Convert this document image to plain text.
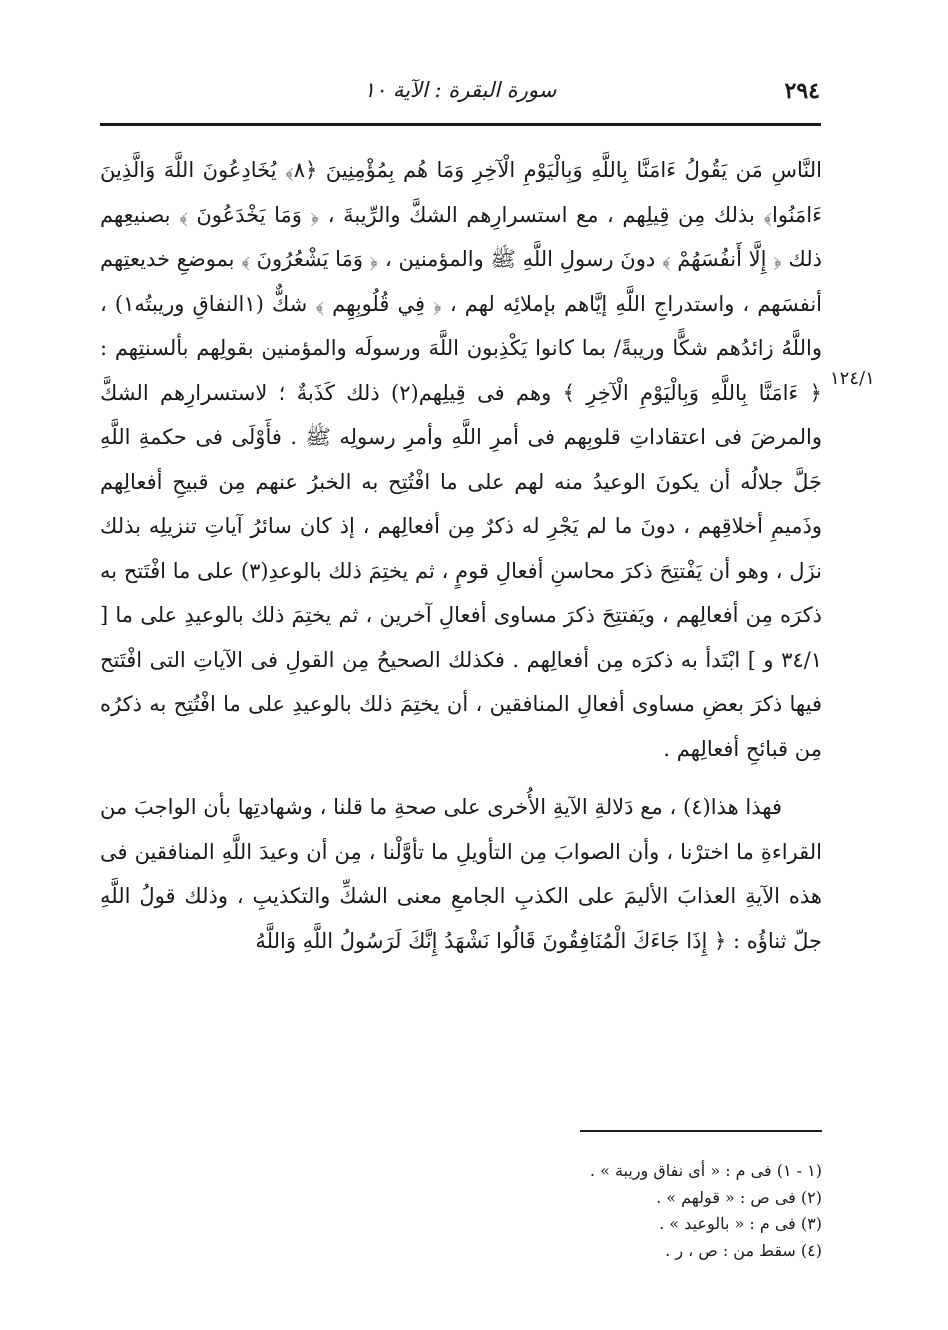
٢٩٤
سورة البقرة : الآية ١٠
١٢٤/١

النَّاسِ مَن يَقُولُ ءَامَنَّا بِاللَّهِ وَبِالْيَوْمِ الْآخِرِ وَمَا هُم بِمُؤْمِنِينَ ﴿٨﴾ يُخَادِعُونَ اللَّهَ وَالَّذِينَ ءَامَنُوا﴾ بذلك مِن قِيلِهم ، مع استسرارِهم الشكَّ والرِّيبةَ ، ﴿ وَمَا يَخْدَعُونَ ﴾ بصنيعِهم ذلك ﴿ إِلَّا أَنفُسَهُمْ ﴾ دونَ رسولِ اللَّهِ ﷺ والمؤمنين ، ﴿ وَمَا يَشْعُرُونَ ﴾ بموضعِ خديعتِهم أنفسَهم ، واستدراجِ اللَّهِ إيَّاهم بإملائِه لهم ، ﴿ فِي قُلُوبِهِم ﴾ شكٌّ (١النفاقِ وريبتُه١) ، واللَّهُ زائدُهم شكًّا وريبةً/ بما كانوا يَكْذِبون اللَّهَ ورسولَه والمؤمنين بقولِهم بألسنتِهم : ﴿ ءَامَنَّا بِاللَّهِ وَبِالْيَوْمِ الْآخِرِ ﴾ وهم فى قِيلِهم(٢) ذلك كَذَبةٌ ؛ لاستسرارِهم الشكَّ والمرضَ فى اعتقاداتِ قلوبِهم فى أمرِ اللَّهِ وأمرِ رسولِه ﷺ . فأَوْلَى فى حكمةِ اللَّهِ جَلَّ جلالُه أن يكونَ الوعيدُ منه لهم على ما افْتُتِح به الخبرُ عنهم مِن قبيحِ أفعالِهم وذَميمِ أخلاقِهم ، دونَ ما لم يَجْرِ له ذكرٌ مِن أفعالِهم ، إذ كان سائرُ آياتِ تنزيلِه بذلك نزَل ، وهو أن يَفْتتِحَ ذكرَ محاسنِ أفعالِ قومٍ ، ثم يختِمَ ذلك بالوعدِ(٣) على ما افْتَتح به ذكرَه مِن أفعالِهم ، ويَفتتِحَ ذكرَ مساوى أفعالِ آخرين ، ثم يختِمَ ذلك بالوعيدِ على ما [ ٣٤/١ و ] ابْتَدأ به ذكرَه مِن أفعالِهم . فكذلك الصحيحُ مِن القولِ فى الآياتِ التى افْتَتح فيها ذكرَ بعضِ مساوى أفعالِ المنافقين ، أن يختِمَ ذلك بالوعيدِ على ما افْتُتِح به ذكرُه مِن قبائحِ أفعالِهم .

فهذا هذا(٤) ، مع دَلالةِ الآيةِ الأُخرى على صحةِ ما قلنا ، وشهادتِها بأن الواجبَ من القراءةِ ما اخترْنا ، وأن الصوابَ مِن التأويلِ ما تأوَّلْنا ، مِن أن وعيدَ اللَّهِ المنافقين فى هذه الآيةِ العذابَ الأليمَ على الكذبِ الجامعِ معنى الشكِّ والتكذيبِ ، وذلك قولُ اللَّهِ جلّ ثناؤُه : ﴿ إِذَا جَاءَكَ الْمُنَافِقُونَ قَالُوا نَشْهَدُ إِنَّكَ لَرَسُولُ اللَّهِ وَاللَّهُ

(١ - ١) فى م : « أى نفاق وريبة » .
(٢) فى ص : « قولهم » .
(٣) فى م : « بالوعيد » .
(٤) سقط من : ص ، ر .
